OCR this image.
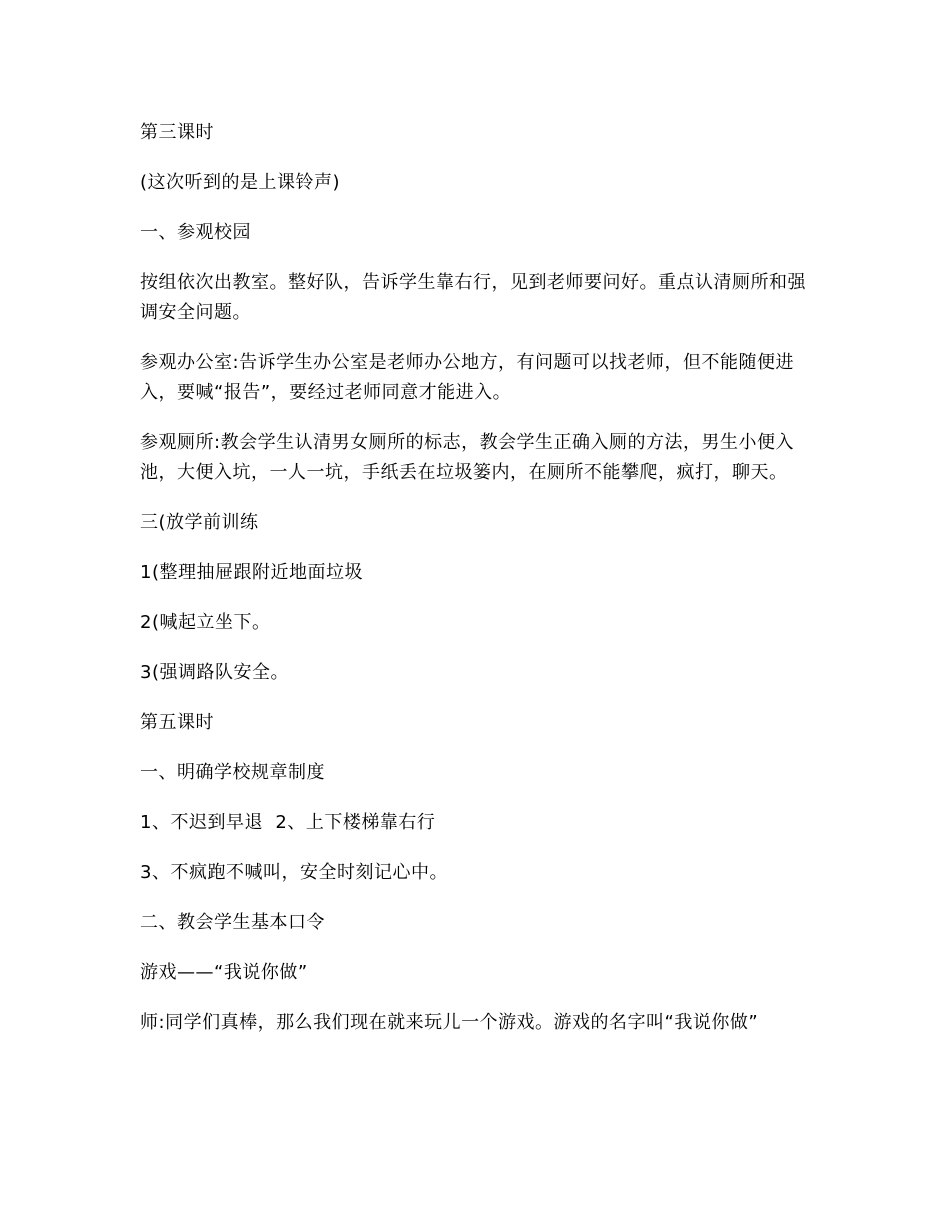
第三课时

(这次听到的是上课铃声)

一、参观校园

按组依次出教室。整好队，告诉学生靠右行，见到老师要问好。重点认清厕所和强调安全问题。

参观办公室:告诉学生办公室是老师办公地方，有问题可以找老师，但不能随便进入，要喊“报告”，要经过老师同意才能进入。

参观厕所:教会学生认清男女厕所的标志，教会学生正确入厕的方法，男生小便入池，大便入坑，一人一坑，手纸丢在垃圾篓内，在厕所不能攀爬，疯打，聊天。

三(放学前训练

1(整理抽屉跟附近地面垃圾

2(喊起立坐下。

3(强调路队安全。

第五课时

一、明确学校规章制度

1、不迟到早退  2、上下楼梯靠右行

3、不疯跑不喊叫，安全时刻记心中。

二、教会学生基本口令

游戏——“我说你做”

师:同学们真棒，那么我们现在就来玩儿一个游戏。游戏的名字叫“我说你做”
